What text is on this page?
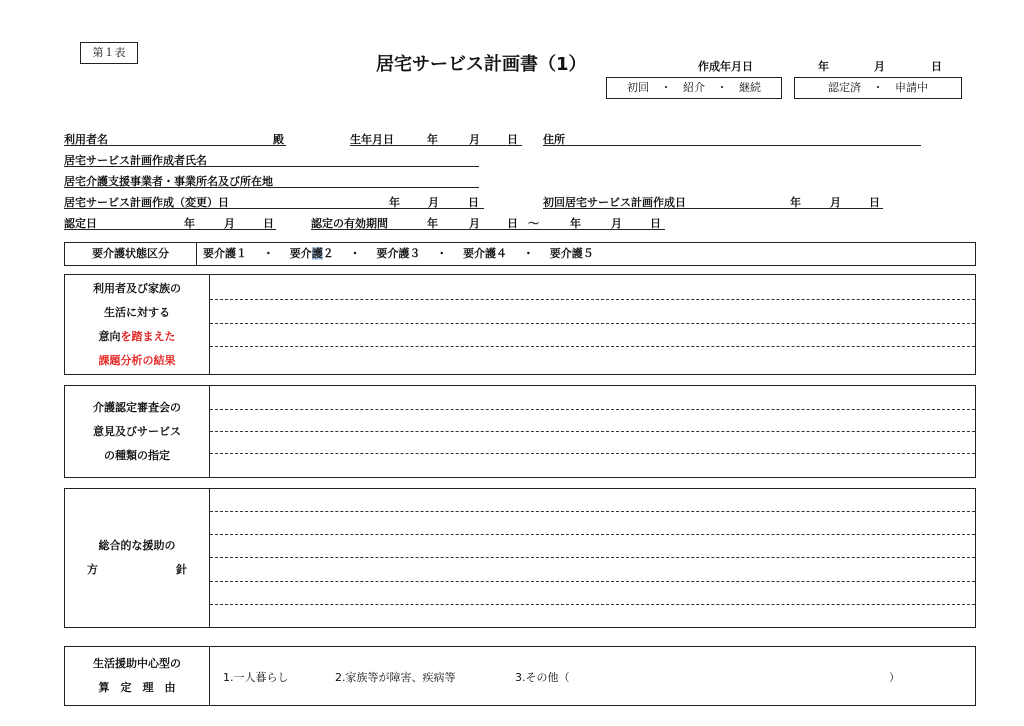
第１表
居宅サービス計画書（1）	作成年月日	年	月	日
初回 ・ 紹介 ・ 継続	認定済 ・ 申請中
利用者名	殿	生年月日	年	月 日 住所
居宅サービス計画作成者氏名
居宅介護支援事業者・事業所名及び所在地
居宅サービス計画作成（変更）日	年	月	日	初回居宅サービス計画作成日	年	月	日
認定日	年	月	日	認定の有効期間	年	月 日 ～	年	月	日
要介護状態区分	要介護１ ・ 要介護２ ・ 要介護３ ・ 要介護４ ・ 要介護５
利用者及び家族の
生活に対する
意向を踏まえた
課題分析の結果
介護認定審査会の
意見及びサービス
の種類の指定
総合的な援助の
方	針
生活援助中心型の
算　定　理　由
1.一人暮らし	2.家族等が障害、疾病等	3.その他（	）
